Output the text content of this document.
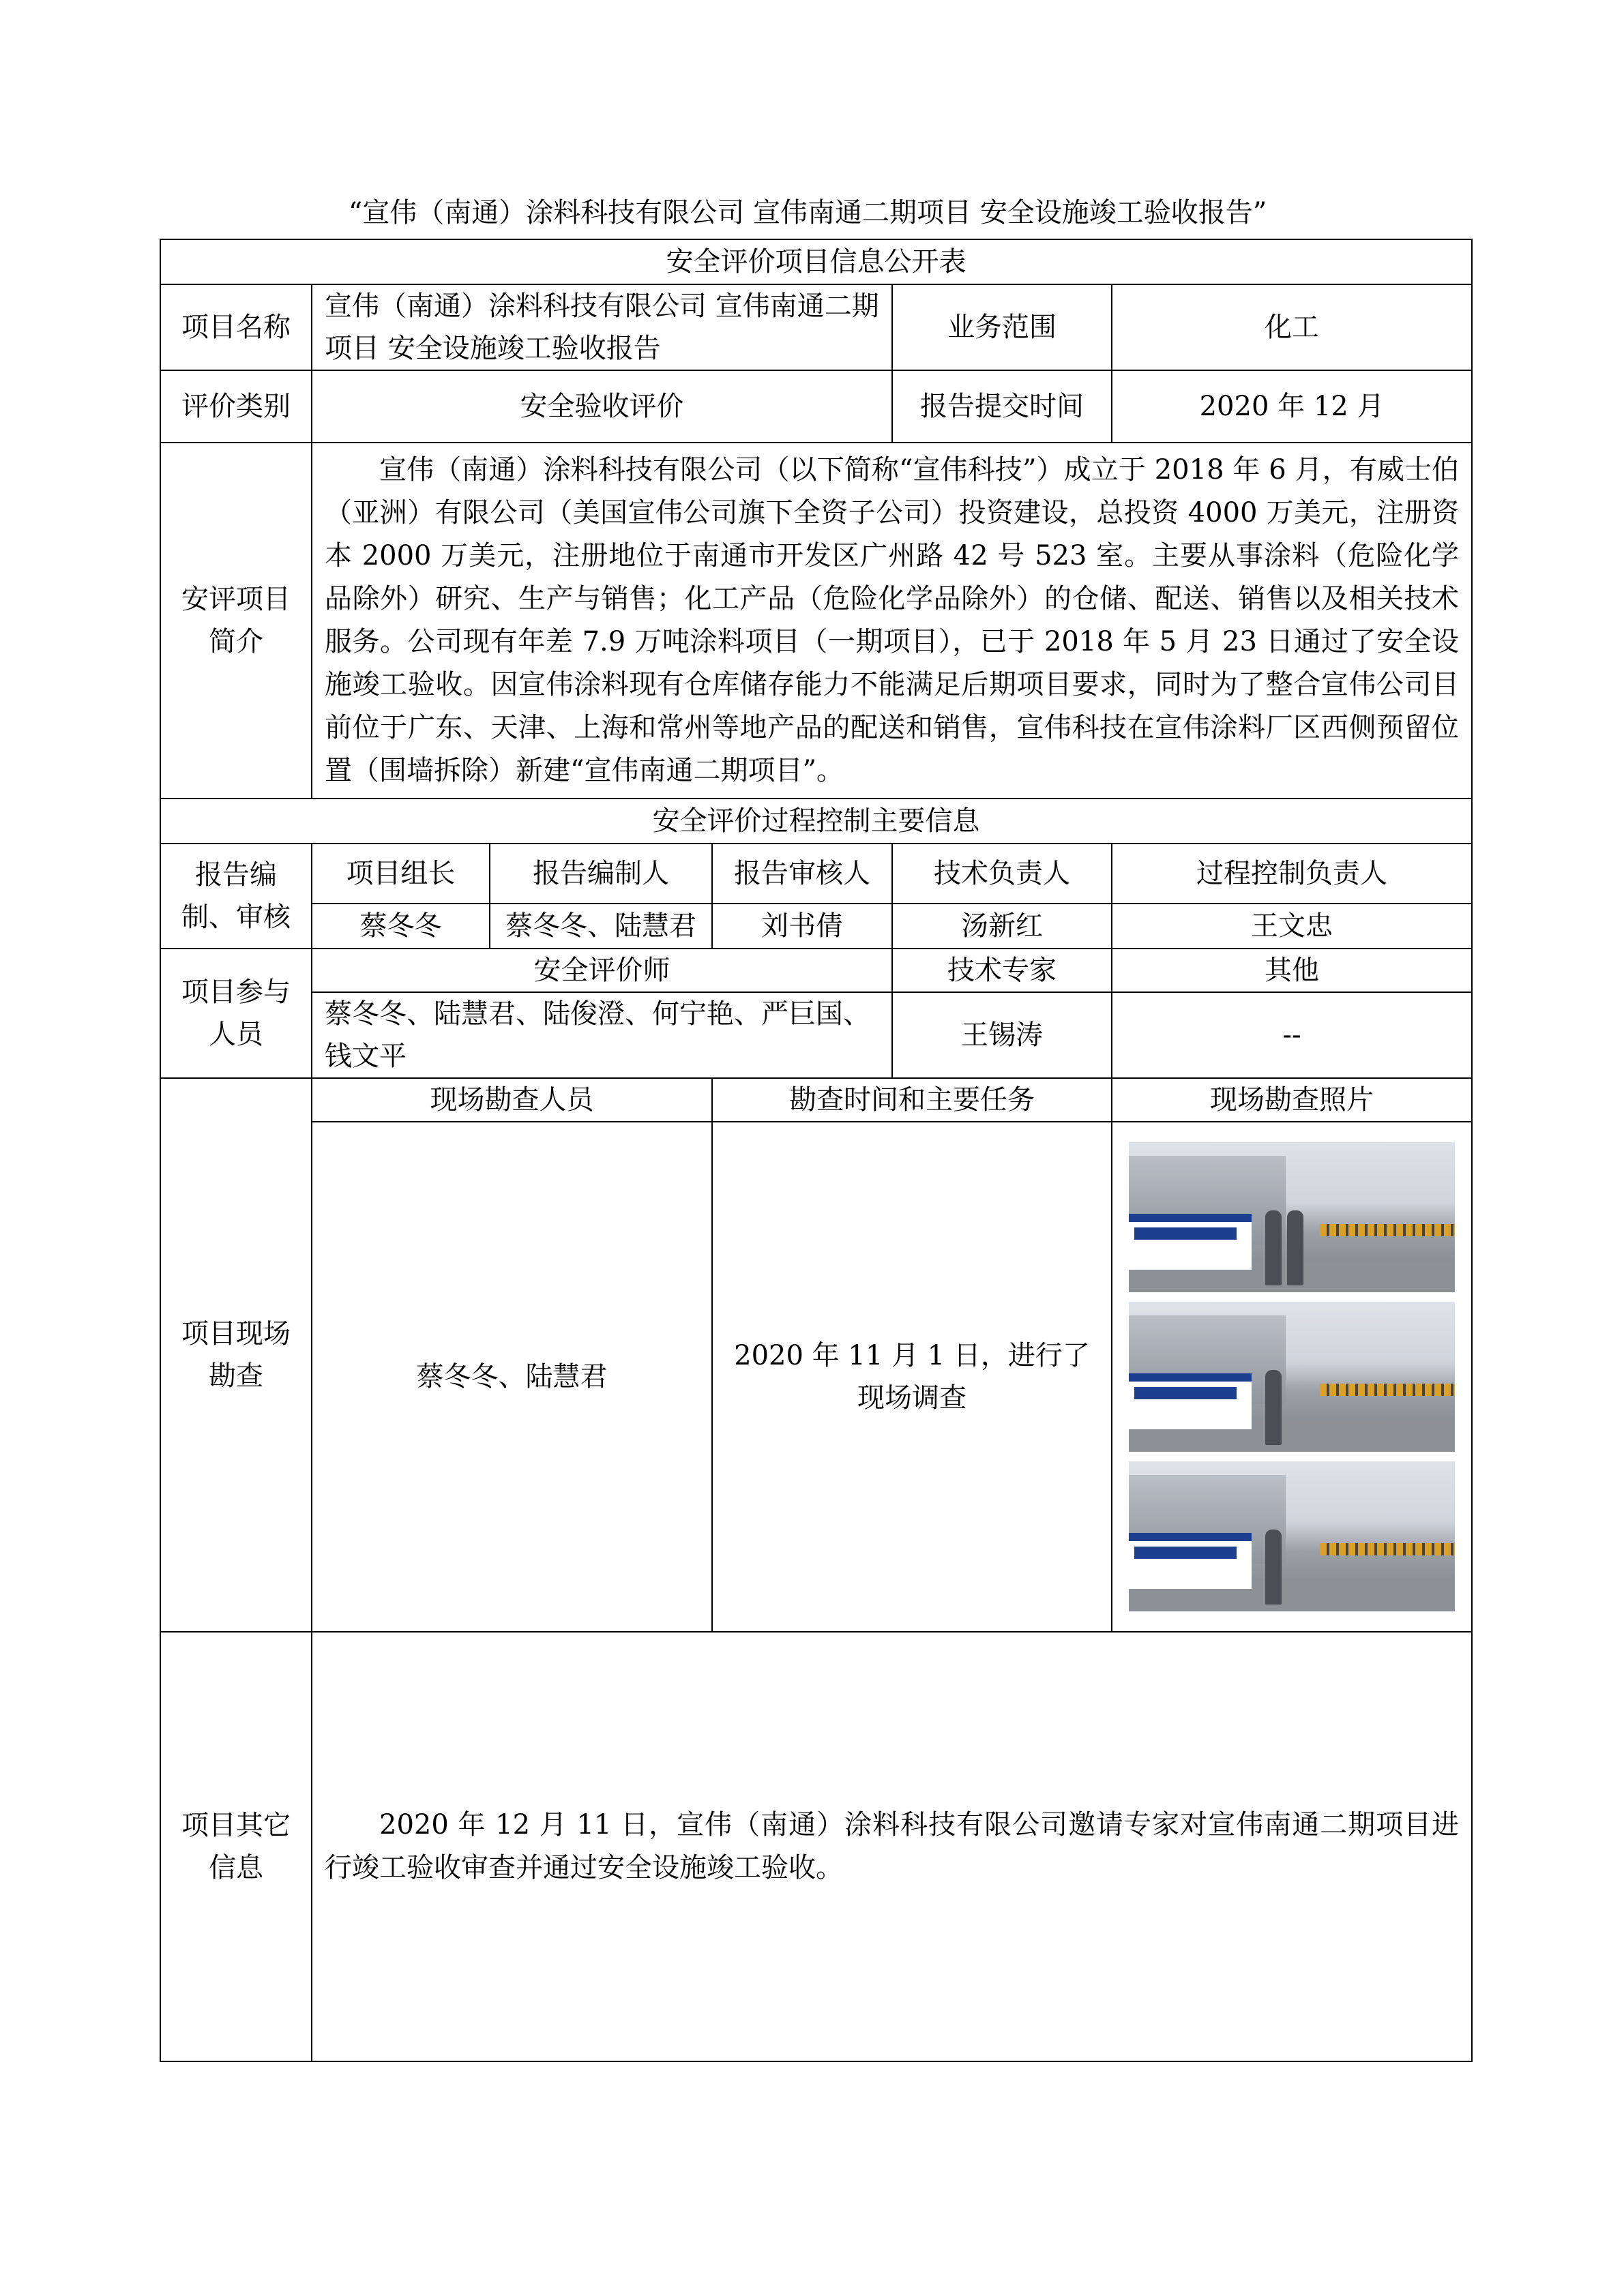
“宣伟（南通）涂料科技有限公司 宣伟南通二期项目 安全设施竣工验收报告”
安全评价项目信息公开表					
项目名称	宣伟（南通）涂料科技有限公司 宣伟南通二期项目 安全设施竣工验收报告			业务范围	化工
评价类别	安全验收评价			报告提交时间	2020 年 12 月
安评项目简介	宣伟（南通）涂料科技有限公司（以下简称“宣伟科技”）成立于 2018 年 6 月，有威士伯（亚洲）有限公司（美国宣伟公司旗下全资子公司）投资建设，总投资 4000 万美元，注册资本 2000 万美元，注册地位于南通市开发区广州路 42 号 523 室。主要从事涂料（危险化学品除外）研究、生产与销售；化工产品（危险化学品除外）的仓储、配送、销售以及相关技术服务。公司现有年差 7.9 万吨涂料项目（一期项目），已于 2018 年 5 月 23 日通过了安全设施竣工验收。因宣伟涂料现有仓库储存能力不能满足后期项目要求，同时为了整合宣伟公司目前位于广东、天津、上海和常州等地产品的配送和销售，宣伟科技在宣伟涂料厂区西侧预留位置（围墙拆除）新建“宣伟南通二期项目”。				
安全评价过程控制主要信息					
报告编制、审核	项目组长	报告编制人	报告审核人	技术负责人	过程控制负责人
	蔡冬冬	蔡冬冬、陆慧君	刘书倩	汤新红	王文忠
项目参与人员	安全评价师			技术专家	其他
	蔡冬冬、陆慧君、陆俊澄、何宁艳、严巨国、钱文平			王锡涛	--
项目现场勘查	现场勘查人员		勘查时间和主要任务		现场勘查照片
	蔡冬冬、陆慧君		2020 年 11 月 1 日，进行了现场调查		

项目其它信息	2020 年 12 月 11 日，宣伟（南通）涂料科技有限公司邀请专家对宣伟南通二期项目进行竣工验收审查并通过安全设施竣工验收。				
